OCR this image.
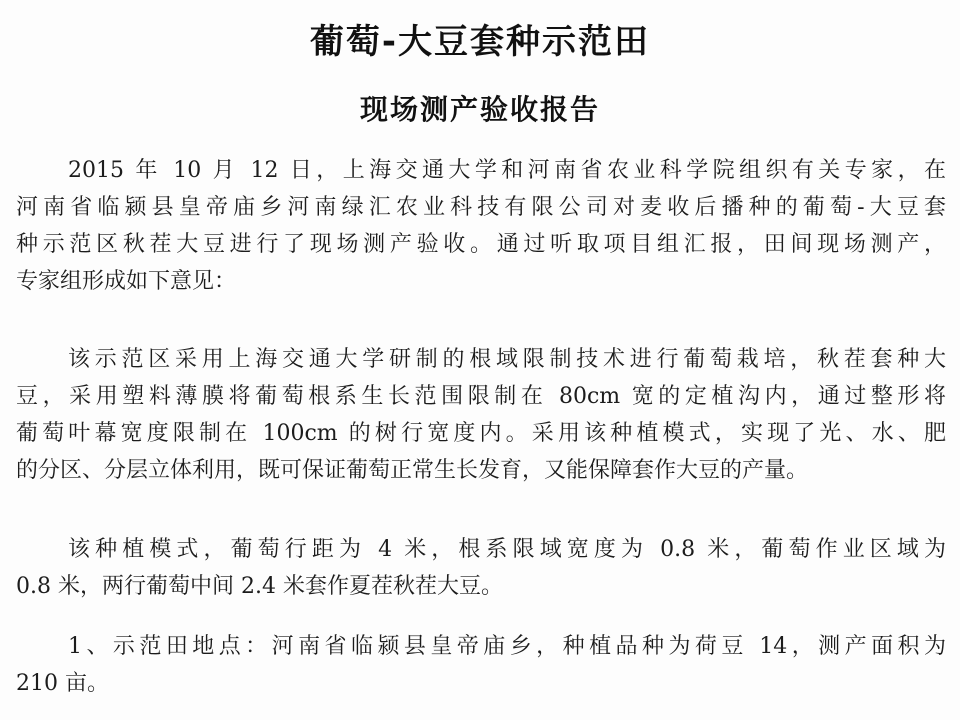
葡萄-大豆套种示范田
现场测产验收报告
2015 年 10 月 12 日，上海交通大学和河南省农业科学院组织有关专家，在
河南省临颍县皇帝庙乡河南绿汇农业科技有限公司对麦收后播种的葡萄-大豆套
种示范区秋茬大豆进行了现场测产验收。通过听取项目组汇报，田间现场测产，
专家组形成如下意见：
该示范区采用上海交通大学研制的根域限制技术进行葡萄栽培，秋茬套种大
豆，采用塑料薄膜将葡萄根系生长范围限制在 80cm 宽的定植沟内，通过整形将
葡萄叶幕宽度限制在 100cm 的树行宽度内。采用该种植模式，实现了光、水、肥
的分区、分层立体利用，既可保证葡萄正常生长发育，又能保障套作大豆的产量。
该种植模式，葡萄行距为 4 米，根系限域宽度为 0.8 米，葡萄作业区域为
0.8 米，两行葡萄中间 2.4 米套作夏茬秋茬大豆。
1、示范田地点：河南省临颍县皇帝庙乡，种植品种为荷豆 14，测产面积为
210 亩。
